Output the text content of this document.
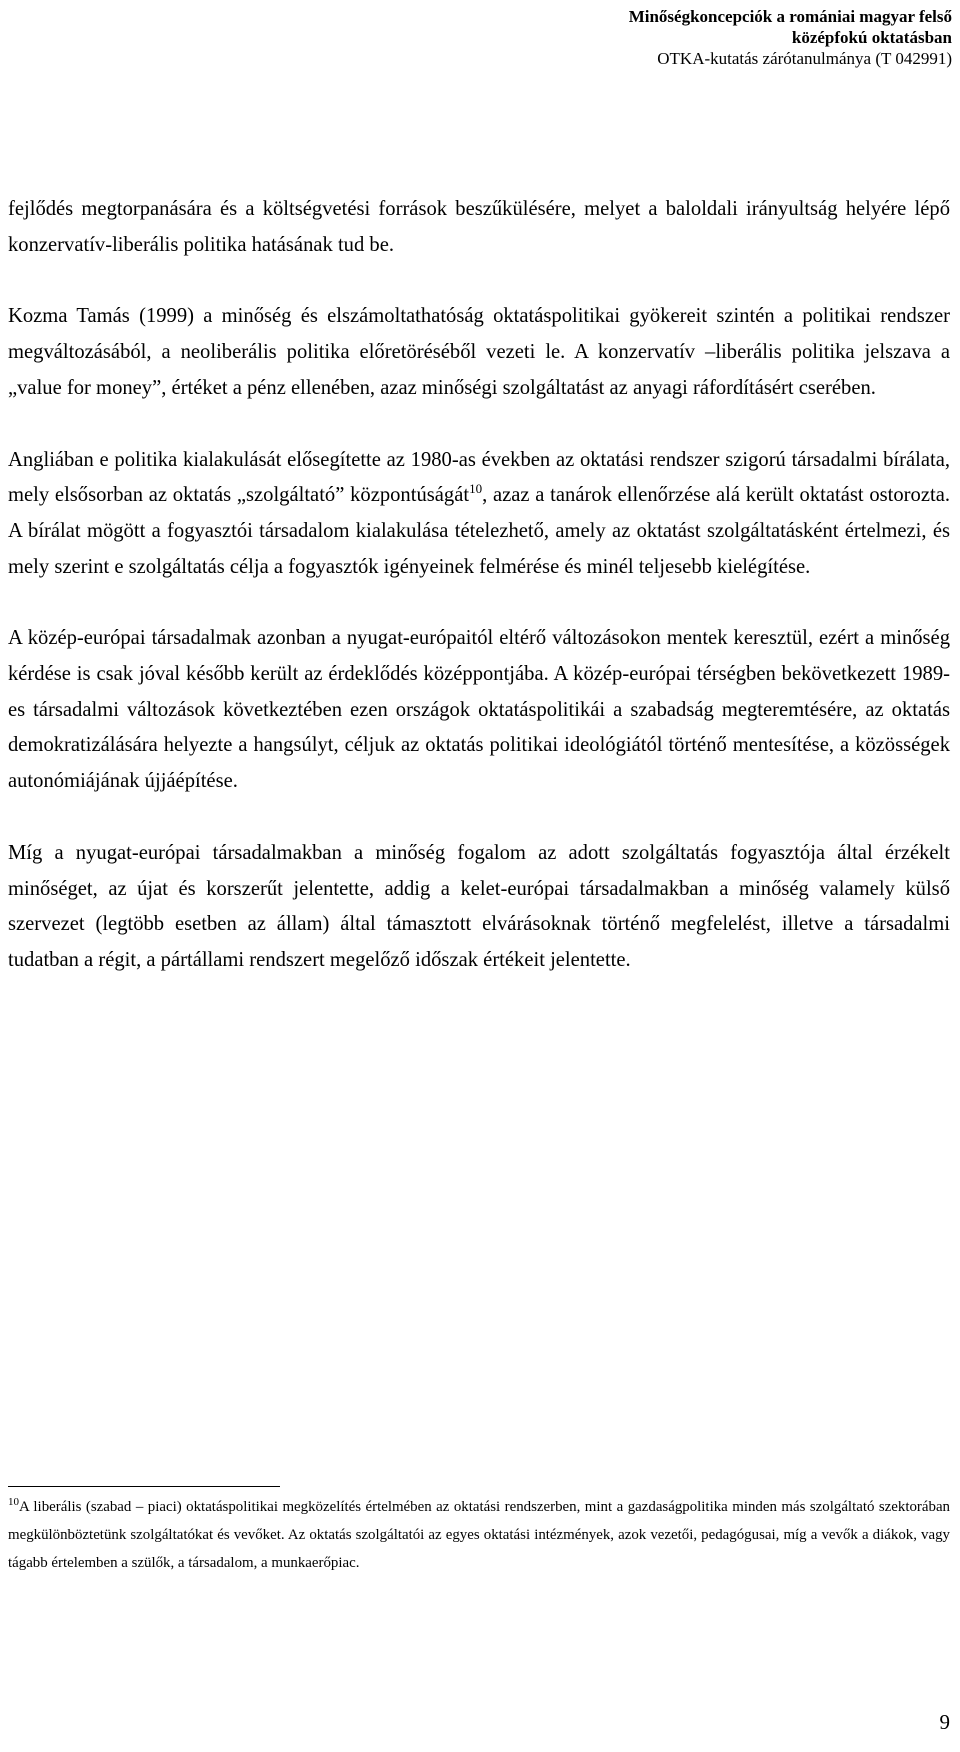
Minőségkoncepciók a romániai magyar felső
középfokú oktatásban
OTKA-kutatás zárótanulmánya (T 042991)

fejlődés megtorpanására és a költségvetési források beszűkülésére, melyet a baloldali irányultság helyére lépő konzervatív-liberális politika hatásának tud be.

Kozma Tamás (1999) a minőség és elszámoltathatóság oktatáspolitikai gyökereit szintén a politikai rendszer megváltozásából, a neoliberális politika előretöréséből vezeti le. A konzervatív –liberális politika jelszava a „value for money”, értéket a pénz ellenében, azaz minőségi szolgáltatást az anyagi ráfordításért cserében.

Angliában e politika kialakulását elősegítette az 1980-as években az oktatási rendszer szigorú társadalmi bírálata, mely elsősorban az oktatás „szolgáltató” központúságát$^{10}$, azaz a tanárok ellenőrzése alá került oktatást ostorozta. A bírálat mögött a fogyasztói társadalom kialakulása tételezhető, amely az oktatást szolgáltatásként értelmezi, és mely szerint e szolgáltatás célja a fogyasztók igényeinek felmérése és minél teljesebb kielégítése.

A közép-európai társadalmak azonban a nyugat-európaitól eltérő változásokon mentek keresztül, ezért a minőség kérdése is csak jóval később került az érdeklődés középpontjába. A közép-európai térségben bekövetkezett 1989-es társadalmi változások következtében ezen országok oktatáspolitikái a szabadság megteremtésére, az oktatás demokratizálására helyezte a hangsúlyt, céljuk az oktatás politikai ideológiától történő mentesítése, a közösségek autonómiájának újjáépítése.

Míg a nyugat-európai társadalmakban a minőség fogalom az adott szolgáltatás fogyasztója által érzékelt minőséget, az újat és korszerűt jelentette, addig a kelet-európai társadalmakban a minőség valamely külső szervezet (legtöbb esetben az állam) által támasztott elvárásoknak történő megfelelést, illetve a társadalmi tudatban a régit, a pártállami rendszert megelőző időszak értékeit jelentette.

$^{10}$A liberális (szabad – piaci) oktatáspolitikai megközelítés értelmében az oktatási rendszerben, mint a gazdaságpolitika minden más szolgáltató szektorában megkülönböztetünk szolgáltatókat és vevőket. Az oktatás szolgáltatói az egyes oktatási intézmények, azok vezetői, pedagógusai, míg a vevők a diákok, vagy tágabb értelemben a szülők, a társadalom, a munkaerőpiac.
9
